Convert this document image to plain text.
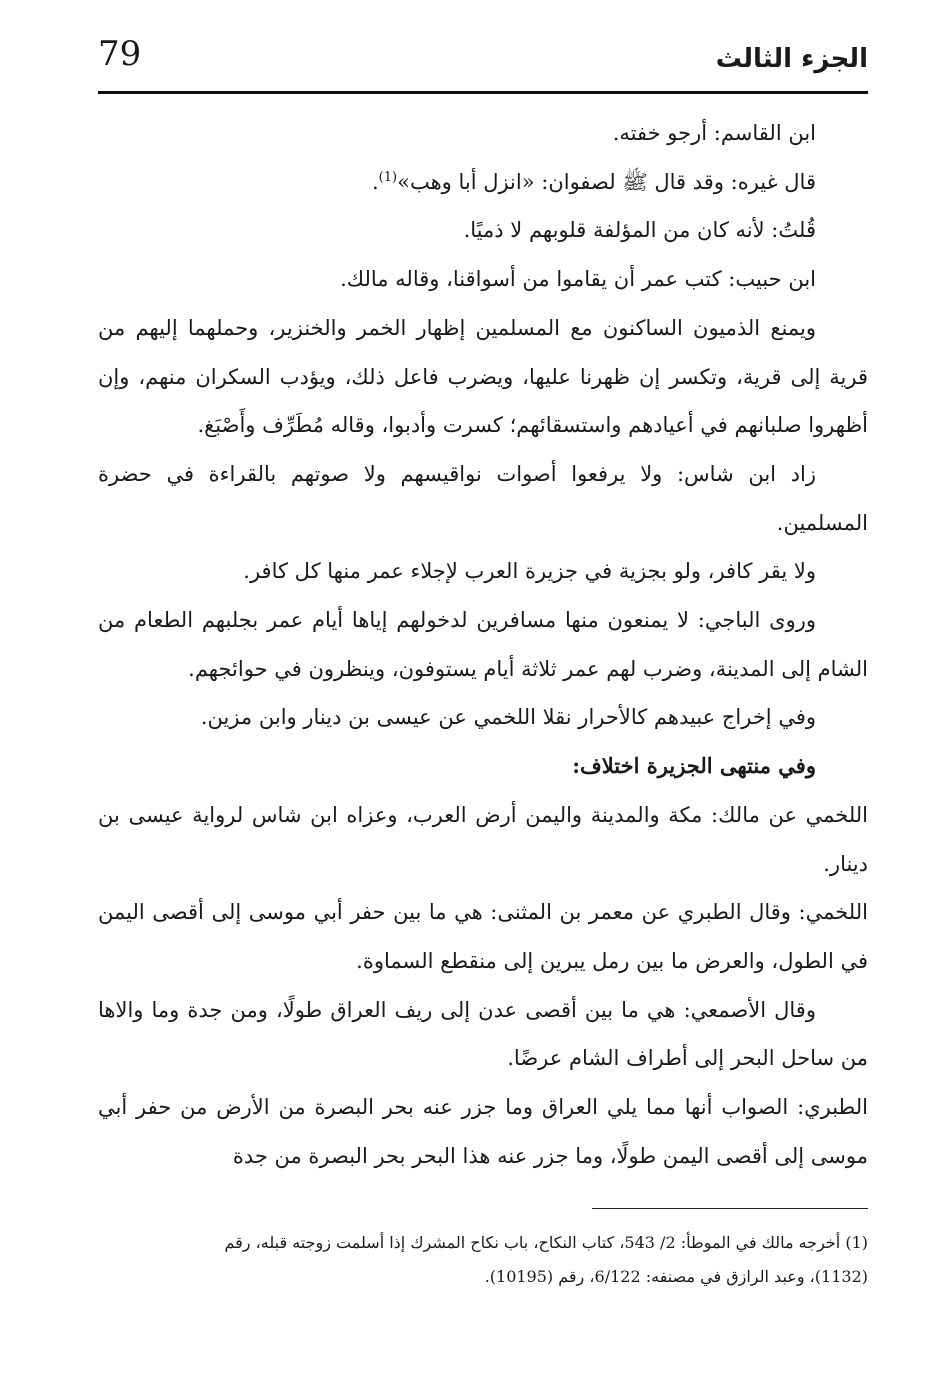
79	الجزء الثالث

ابن القاسم: أرجو خفته.

قال غيره: وقد قال ﷺ لصفوان: «انزل أبا وهب»$^{(1)}$.

قُلتُ: لأنه كان من المؤلفة قلوبهم لا ذميًا.

ابن حبيب: كتب عمر أن يقاموا من أسواقنا، وقاله مالك.

ويمنع الذميون الساكنون مع المسلمين إظهار الخمر والخنزير، وحملهما إليهم من قرية إلى قرية، وتكسر إن ظهرنا عليها، ويضرب فاعل ذلك، ويؤدب السكران منهم، وإن أظهروا صلبانهم في أعيادهم واستسقائهم؛ كسرت وأدبوا، وقاله مُطَرِّف وأَصْبَغ.

زاد ابن شاس: ولا يرفعوا أصوات نواقيسهم ولا صوتهم بالقراءة في حضرة المسلمين.

ولا يقر كافر، ولو بجزية في جزيرة العرب لإجلاء عمر منها كل كافر.

وروى الباجي: لا يمنعون منها مسافرين لدخولهم إياها أيام عمر بجلبهم الطعام من الشام إلى المدينة، وضرب لهم عمر ثلاثة أيام يستوفون، وينظرون في حوائجهم.

وفي إخراج عبيدهم كالأحرار نقلا اللخمي عن عيسى بن دينار وابن مزين.

وفي منتهى الجزيرة اختلاف:

اللخمي عن مالك: مكة والمدينة واليمن أرض العرب، وعزاه ابن شاس لرواية عيسى بن دينار.

اللخمي: وقال الطبري عن معمر بن المثنى: هي ما بين حفر أبي موسى إلى أقصى اليمن في الطول، والعرض ما بين رمل يبرين إلى منقطع السماوة.

وقال الأصمعي: هي ما بين أقصى عدن إلى ريف العراق طولًا، ومن جدة وما والاها من ساحل البحر إلى أطراف الشام عرضًا.

الطبري: الصواب أنها مما يلي العراق وما جزر عنه بحر البصرة من الأرض من حفر أبي موسى إلى أقصى اليمن طولًا، وما جزر عنه هذا البحر بحر البصرة من جدة

(1) أخرجه مالك في الموطأ: 2/ 543، كتاب النكاح، باب نكاح المشرك إذا أسلمت زوجته قبله، رقم

(1132)، وعبد الرازق في مصنفه: 6/122، رقم (10195).
